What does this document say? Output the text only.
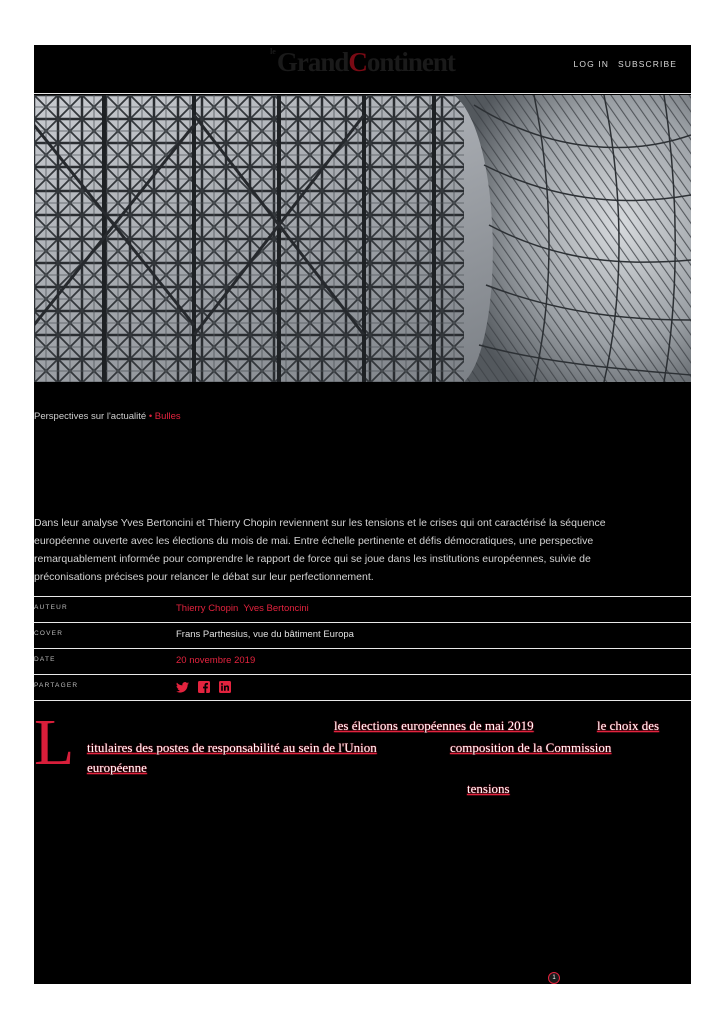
$^{le}$GrandContinent	LOG IN SUBSCRIBE
Perspectives sur l'actualité • Bulles

Dans leur analyse Yves Bertoncini et Thierry Chopin reviennent sur les tensions et le crises qui ont caractérisé la séquence européenne ouverte avec les élections du mois de mai. Entre échelle pertinente et défis démocratiques, une perspective remarquablement informée pour comprendre le rapport de force qui se joue dans les institutions européennes, suivie de préconisations précises pour relancer le débat sur leur perfectionnement.

AUTEUR	Thierry Chopin Yves Bertoncini
COVER	Frans Parthesius, vue du bâtiment Europa
DATE	20 novembre 2019
PARTAGER
L	les élections européennes de mai 2019	le choix des
titulaires des postes de responsabilité au sein de l'Union	composition de la Commission
européenne
tensions
1
